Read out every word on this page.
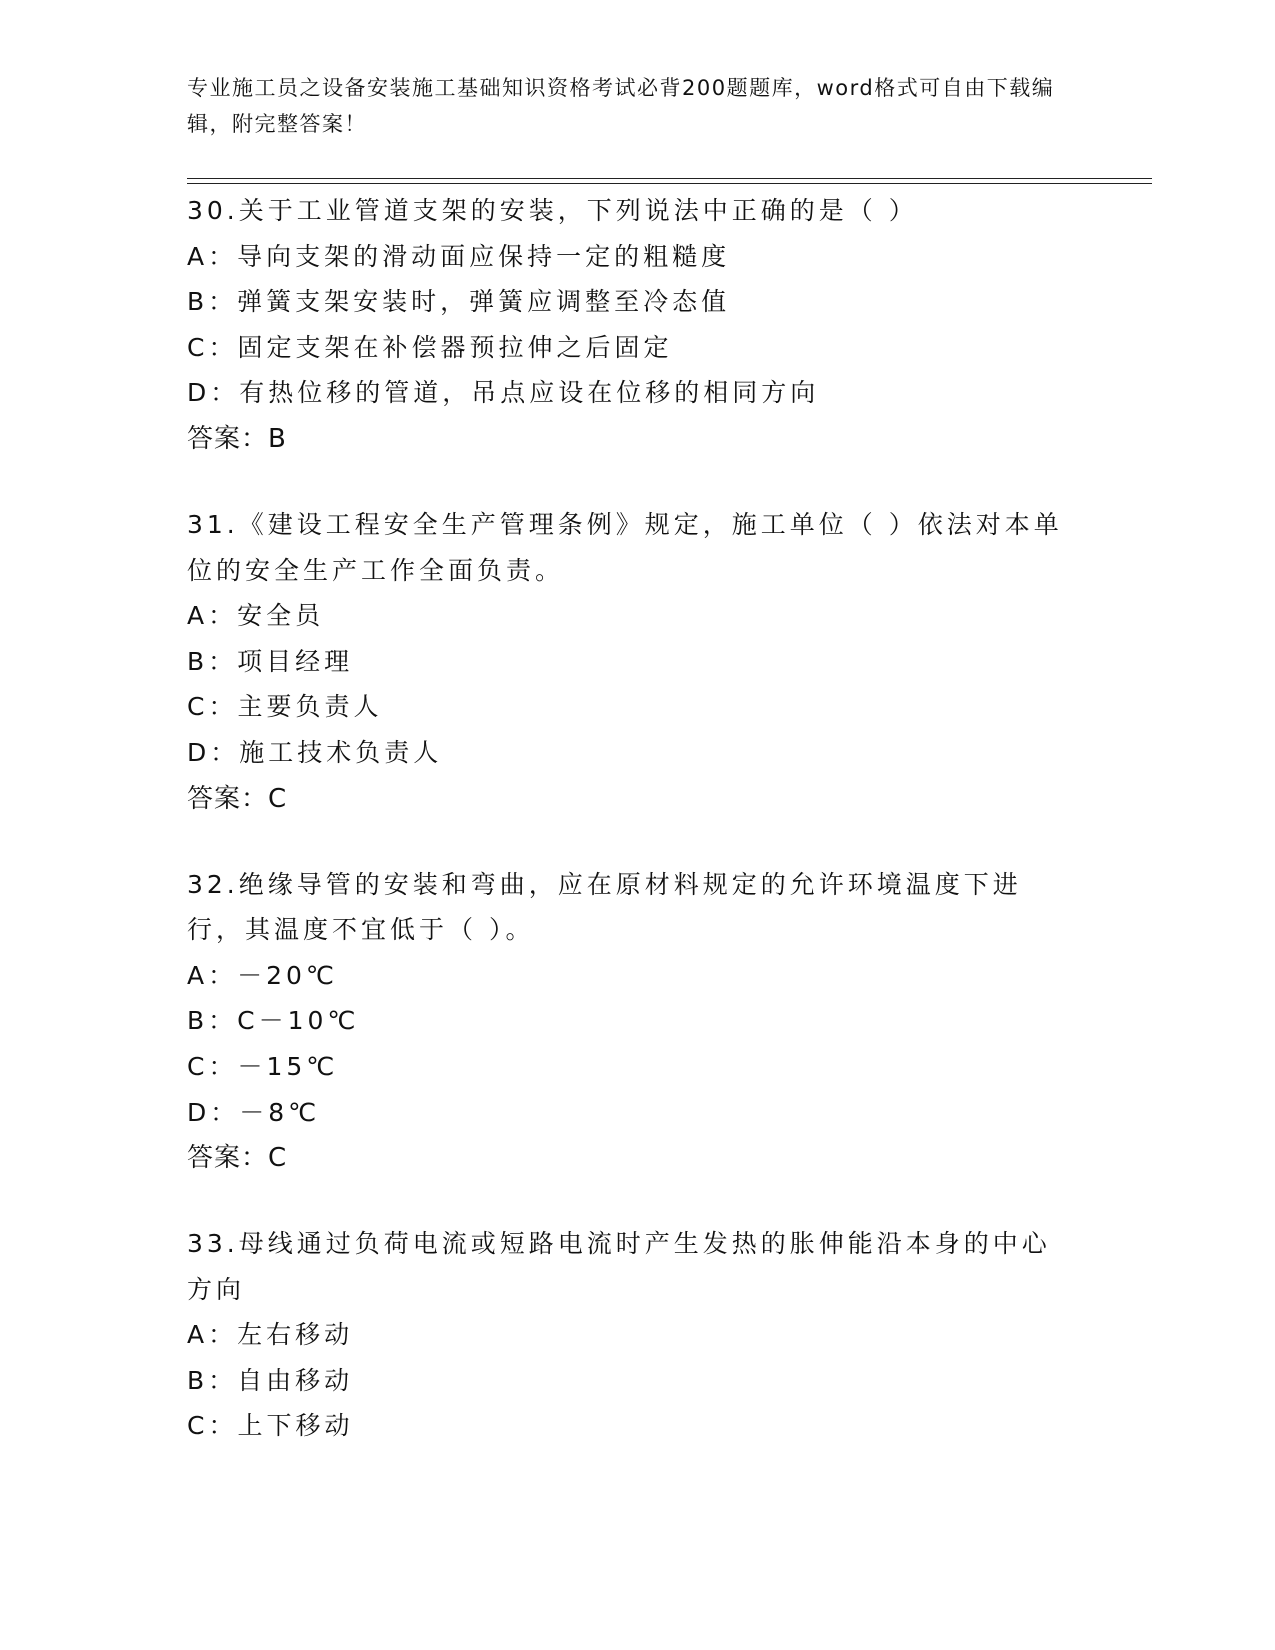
专业施工员之设备安装施工基础知识资格考试必背200题题库，word格式可自由下载编辑，附完整答案！
30.关于工业管道支架的安装，下列说法中正确的是（ ）
A：导向支架的滑动面应保持一定的粗糙度
B：弹簧支架安装时，弹簧应调整至冷态值
C：固定支架在补偿器预拉伸之后固定
D：有热位移的管道，吊点应设在位移的相同方向
答案：B
31.《建设工程安全生产管理条例》规定，施工单位（ ）依法对本单位的安全生产工作全面负责。
A：安全员
B：项目经理
C：主要负责人
D：施工技术负责人
答案：C
32.绝缘导管的安装和弯曲，应在原材料规定的允许环境温度下进行，其温度不宜低于（ ）。
A：－20℃
B：C－10℃
C：－15℃
D：－8℃
答案：C
33.母线通过负荷电流或短路电流时产生发热的胀伸能沿本身的中心方向
A：左右移动
B：自由移动
C：上下移动
